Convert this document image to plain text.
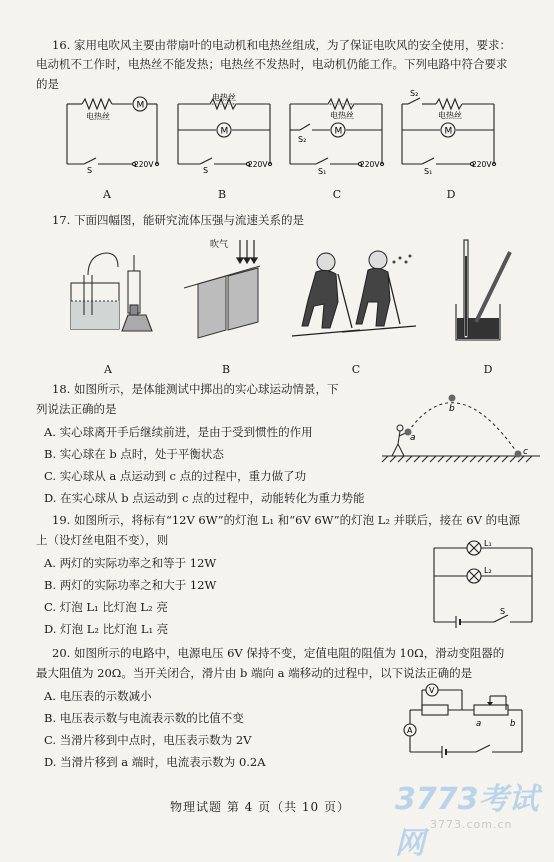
16. 家用电吹风主要由带扇叶的电动机和电热丝组成，为了保证电吹风的安全使用，要求：
电动机不工作时，电热丝不能发热；电热丝不发热时，电动机仍能工作。下列电路中符合要求
的是
M
电热丝
S
220V
M
电热丝
S
220V
M
电热丝
S₂
S₁
220V
M
电热丝
S₂
S₁
220V
A	B	C	D
17. 下面四幅图，能研究流体压强与流速关系的是
吹气
A	B	C	D
18. 如图所示，是体能测试中掷出的实心球运动情景，下
列说法正确的是
A. 实心球离开手后继续前进，是由于受到惯性的作用
B. 实心球在 b 点时，处于平衡状态
C. 实心球从 a 点运动到 c 点的过程中，重力做了功
D. 在实心球从 b 点运动到 c 点的过程中，动能转化为重力势能
a
b
c
19. 如图所示，将标有“12V 6W”的灯泡 L₁ 和“6V 6W”的灯泡 L₂ 并联后，接在 6V 的电源
上（设灯丝电阻不变），则
A. 两灯的实际功率之和等于 12W
B. 两灯的实际功率之和大于 12W
C. 灯泡 L₁ 比灯泡 L₂ 亮
D. 灯泡 L₂ 比灯泡 L₁ 亮
L₁
L₂
S
20. 如图所示的电路中，电源电压 6V 保持不变，定值电阻的阻值为 10Ω，滑动变阻器的
最大阻值为 20Ω。当开关闭合，滑片由 b 端向 a 端移动的过程中，以下说法正确的是
A. 电压表的示数减小
B. 电压表示数与电流表示数的比值不变
C. 当滑片移到中点时，电压表示数为 2V
D. 当滑片移到 a 端时，电流表示数为 0.2A
V
A
a	b
物理试题 第 4 页（共 10 页） 3773考试网
3773.com.cn
